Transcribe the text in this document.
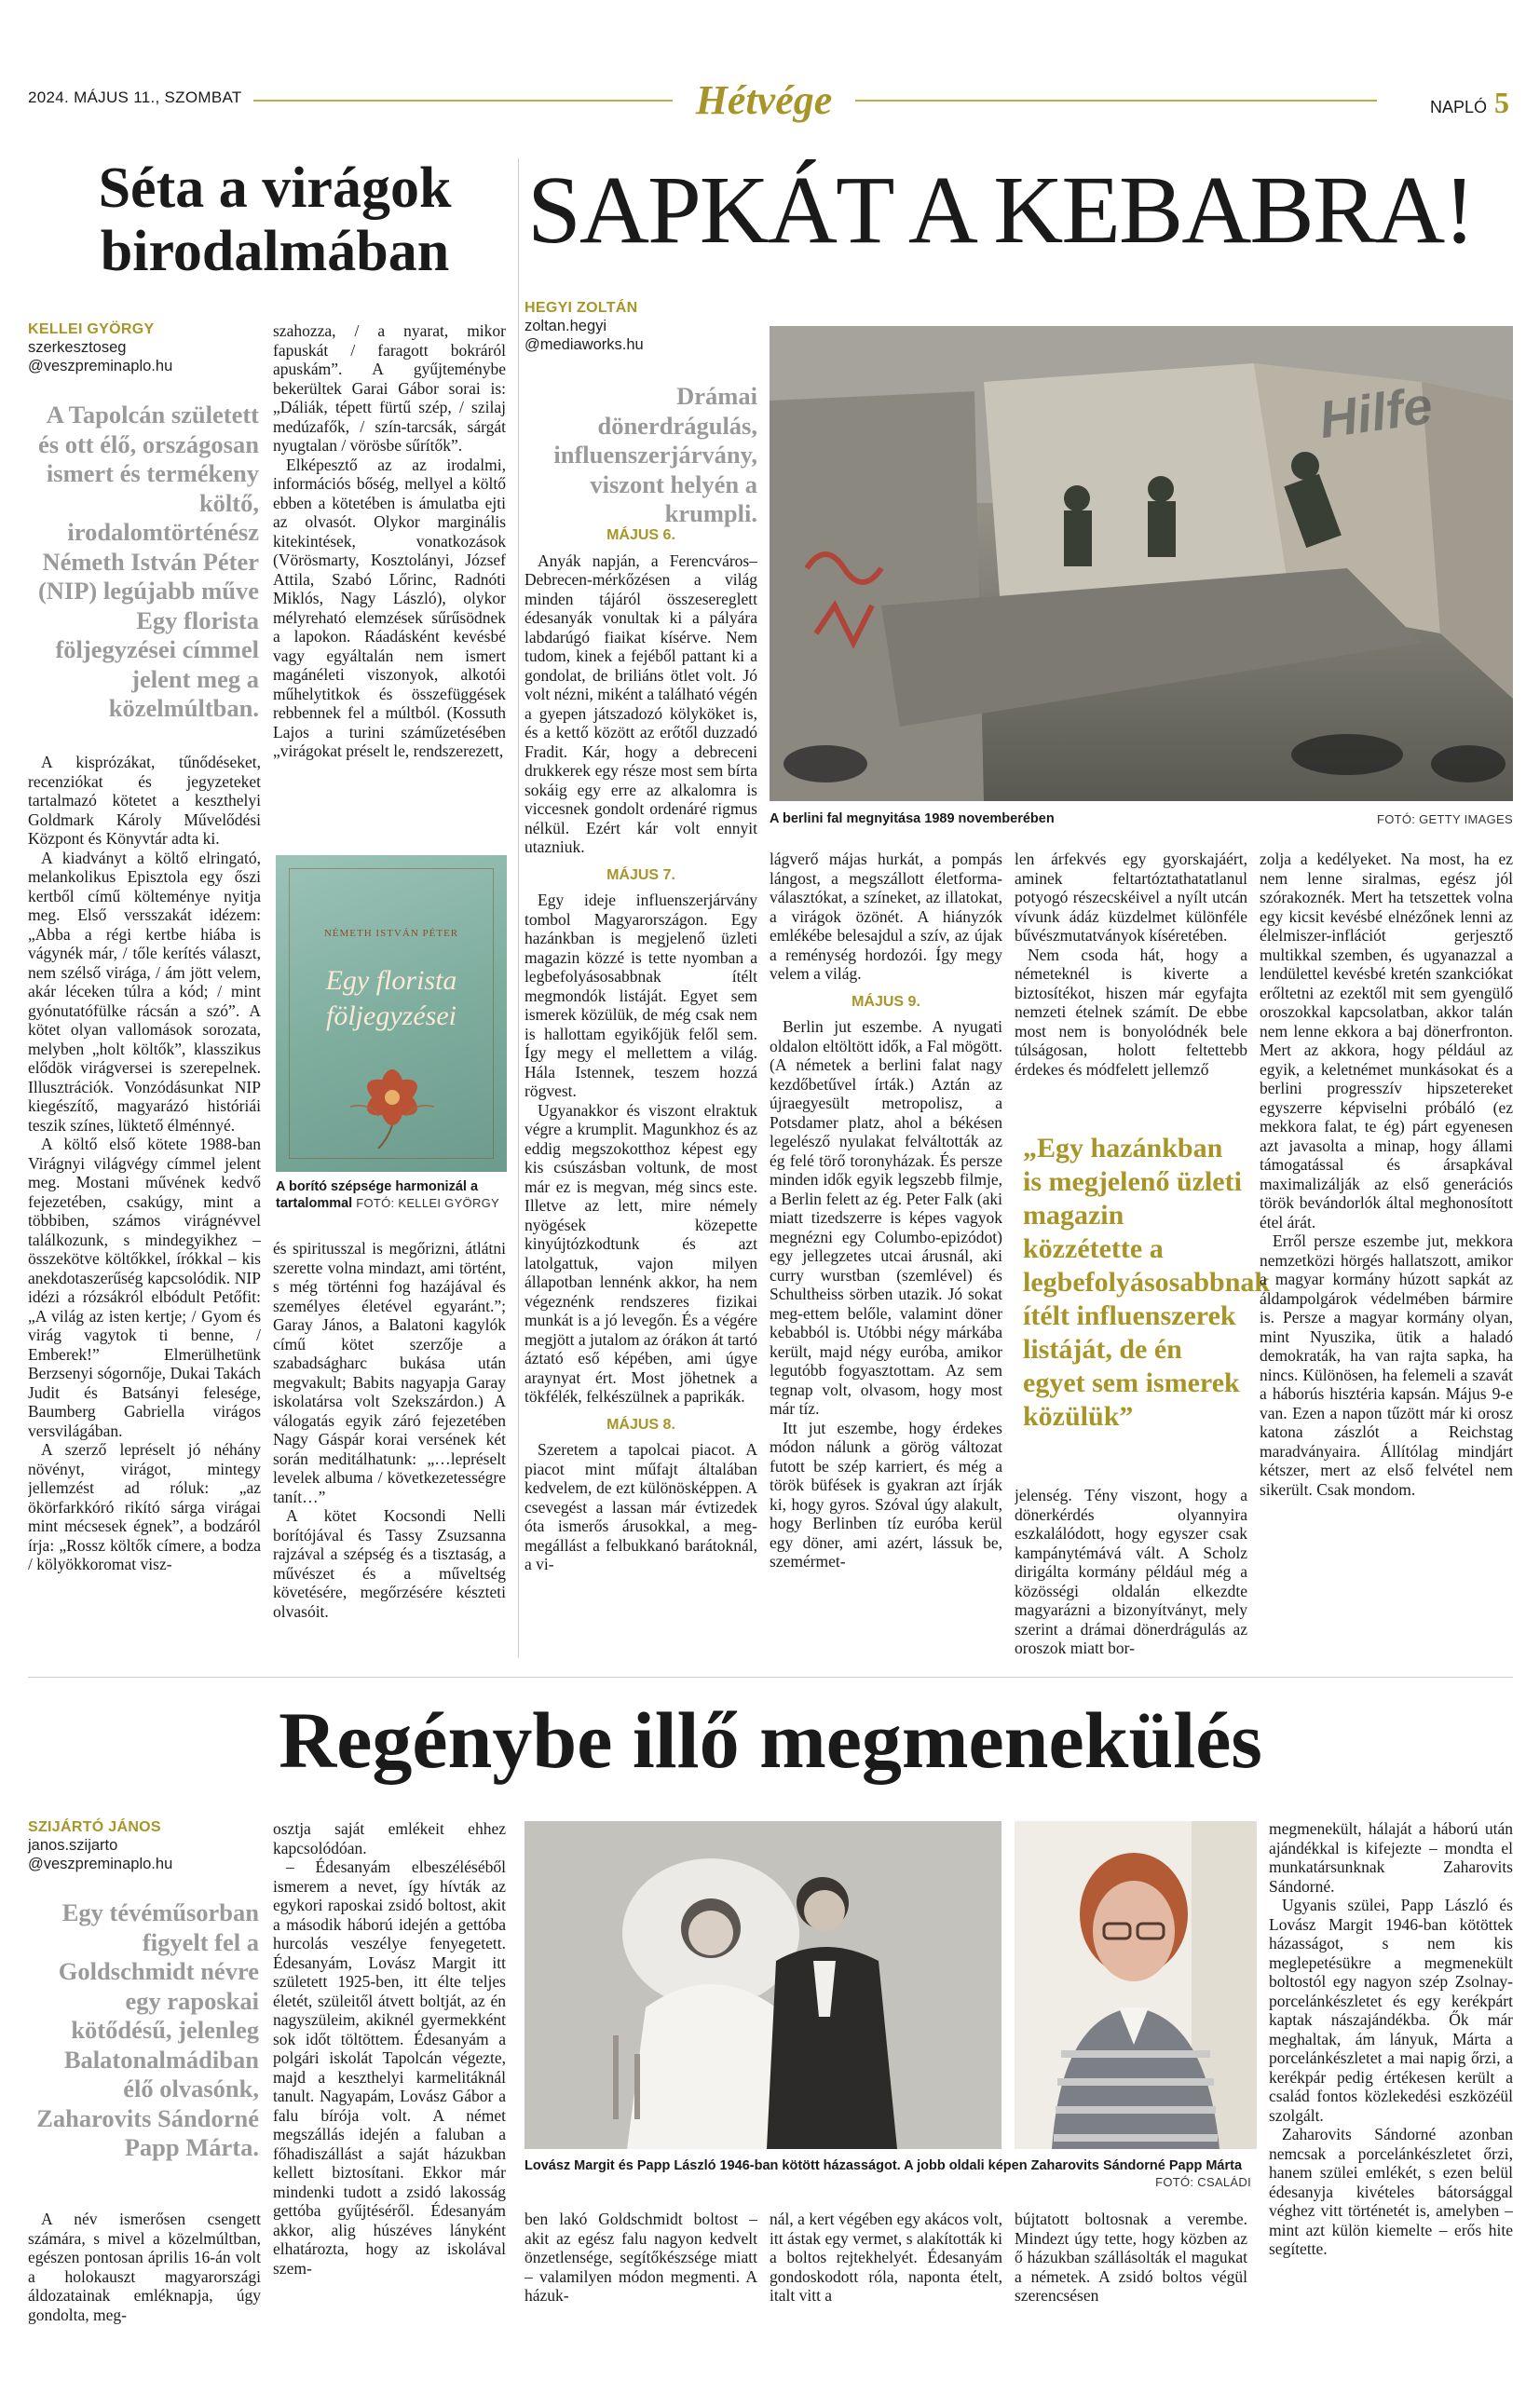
2024. MÁJUS 11., SZOMBAT	Hétvége	NAPLÓ 5
Séta a virágok
birodalmában
KELLEI GYÖRGY
szerkesztoseg
@veszpreminaplo.hu
A Tapolcán született és ott élő, országosan ismert és termékeny költő, irodalomtörténész Németh István Péter (NIP) legújabb műve Egy florista följegyzései címmel jelent meg a közelmúltban.

A kisprózákat, tűnődéseket, recenziókat és jegyzeteket tartalmazó kötetet a keszthelyi Goldmark Károly Művelődési Központ és Könyvtár adta ki.

A kiadványt a költő elringató, melankolikus Episztola egy őszi kertből című költeménye nyitja meg. Első versszakát idézem: „Abba a régi kertbe hiába is vágynék már, / tőle kerítés választ, nem szélső virága, / ám jött velem, akár léceken túlra a kód; / mint gyónutatófülke rácsán a szó”. A kötet olyan vallomások sorozata, melyben „holt költők”, klasszikus elődök virágversei is szerepelnek. Illusztrációk. Vonzódásunkat NIP kiegészítő, magyarázó históriái teszik színes, lüktető élménnyé.

A költő első kötete 1988-ban Virágnyi világvégy címmel jelent meg. Mostani művének kedvő fejezetében, csakúgy, mint a többiben, számos virágnévvel találkozunk, s mindegyikhez – összekötve költőkkel, írókkal – kis anekdotaszerűség kapcsolódik. NIP idézi a rózsákról elbódult Petőfit: „A világ az isten kertje; / Gyom és virág vagytok ti benne, / Emberek!” Elmerülhetünk Berzsenyi sógornője, Dukai Takách Judit és Batsányi felesége, Baumberg Gabriella virágos versvilágában.

A szerző lepréselt jó néhány növényt, virágot, mintegy jellemzést ad róluk: „az ökörfarkkóró rikító sárga virágai mint mécsesek égnek”, a bodzáról írja: „Rossz költők címere, a bodza / kölyökkoromat visz-

szahozza, / a nyarat, mikor fapuskát / faragott bokráról apuskám”. A gyűjteménybe bekerültek Garai Gábor sorai is: „Dáliák, tépett fürtű szép, / szilaj medúzafők, / szín-tarcsák, sárgát nyugtalan / vörösbe sűrítők”.

Elképesztő az az irodalmi, információs bőség, mellyel a költő ebben a kötetében is ámulatba ejti az olvasót. Olykor marginális kitekintések, vonatkozások (Vörösmarty, Kosztolányi, József Attila, Szabó Lőrinc, Radnóti Miklós, Nagy László), olykor mélyreható elemzések sűrűsödnek a lapokon. Ráadásként kevésbé vagy egyáltalán nem ismert magánéleti viszonyok, alkotói műhelytitkok és összefüggések rebbennek fel a múltból. (Kossuth Lajos a turini száműzetésében „virágokat préselt le, rendszerezett,

NÉMETH ISTVÁN PÉTER
Egy florista
följegyzései
A borító szépsége harmonizál a tartalommal FOTÓ: KELLEI GYÖRGY

és spiritusszal is megőrizni, átlátni szerette volna mindazt, ami történt, s még történni fog hazájával és személyes életével egyaránt.”; Garay János, a Balatoni kagylók című kötet szerzője a szabadságharc bukása után megvakult; Babits nagyapja Garay iskolatársa volt Szekszárdon.) A válogatás egyik záró fejezetében Nagy Gáspár korai versének két során meditálhatunk: „…lepréselt levelek albuma / következetességre tanít…”

A kötet Kocsondi Nelli borítójával és Tassy Zsuzsanna rajzával a szépség és a tisztaság, a művészet és a műveltség követésére, megőrzésére készteti olvasóit.

SAPKÁT A KEBABRA!
HEGYI ZOLTÁN
zoltan.hegyi
@mediaworks.hu
Drámai dönerdrágulás, influenszerjárvány, viszont helyén a krumpli.
Hilfe
A berlini fal megnyitása 1989 novemberében	FOTÓ: GETTY IMAGES
MÁJUS 6.

Anyák napján, a Ferencváros–Debrecen-mérkőzésen a világ minden tájáról összesereglett édesanyák vonultak ki a pályára labdarúgó fiaikat kísérve. Nem tudom, kinek a fejéből pattant ki a gondolat, de briliáns ötlet volt. Jó volt nézni, miként a található végén a gyepen játszadozó kölyköket is, és a kettő között az erőtől duzzadó Fradit. Kár, hogy a debreceni drukkerek egy része most sem bírta sokáig egy erre az alkalomra is viccesnek gondolt ordenáré rigmus nélkül. Ezért kár volt ennyit utazniuk.

MÁJUS 7.

Egy ideje influenszerjárvány tombol Magyarországon. Egy hazánkban is megjelenő üzleti magazin közzé is tette nyomban a legbefolyásosabbnak ítélt megmondók listáját. Egyet sem ismerek közülük, de még csak nem is hallottam egyikőjük felől sem. Így megy el mellettem a világ. Hála Istennek, teszem hozzá rögvest.

Ugyanakkor és viszont elraktuk végre a krumplit. Magunkhoz és az eddig megszokotthoz képest egy kis csúszásban voltunk, de most már ez is megvan, még sincs este. Illetve az lett, mire némely nyögések közepette kinyújtózkodtunk és azt latolgattuk, vajon milyen állapotban lennénk akkor, ha nem végeznénk rendszeres fizikai munkát is a jó levegőn. És a végére megjött a jutalom az órákon át tartó áztató eső képében, ami úgye araynyat ért. Most jöhetnek a tökfélék, felkészülnek a paprikák.

MÁJUS 8.

Szeretem a tapolcai piacot. A piacot mint műfajt általában kedvelem, de ezt különösképpen. A csevegést a lassan már évtizedek óta ismerős árusokkal, a meg-megállást a felbukkanó barátoknál, a vi-

lágverő májas hurkát, a pompás lángost, a megszállott életforma-választókat, a színeket, az illatokat, a virágok özönét. A hiányzók emlékébe belesajdul a szív, az újak a reménység hordozói. Így megy velem a világ.

MÁJUS 9.

Berlin jut eszembe. A nyugati oldalon eltöltött idők, a Fal mögött. (A németek a berlini falat nagy kezdőbetűvel írták.) Aztán az újraegyesült metropolisz, a Potsdamer platz, ahol a békésen legelésző nyulakat felváltották az ég felé törő toronyházak. És persze minden idők egyik legszebb filmje, a Berlin felett az ég. Peter Falk (aki miatt tizedszerre is képes vagyok megnézni egy Columbo-epizódot) egy jellegzetes utcai árusnál, aki curry wurstban (szemlével) és Schultheiss sörben utazik. Jó sokat meg-ettem belőle, valamint döner kebabból is. Utóbbi négy márkába került, majd négy euróba, amikor legutóbb fogyasztottam. Az sem tegnap volt, olvasom, hogy most már tíz.

Itt jut eszembe, hogy érdekes módon nálunk a görög változat futott be szép karriert, és még a török büfések is gyakran azt írják ki, hogy gyros. Szóval úgy alakult, hogy Berlinben tíz euróba kerül egy döner, ami azért, lássuk be, szemérmet-

len árfekvés egy gyorskajáért, aminek feltartóztathatatlanul potyogó részecskéivel a nyílt utcán vívunk ádáz küzdelmet különféle bűvészmutatványok kíséretében.

Nem csoda hát, hogy a németeknél is kiverte a biztosítékot, hiszen már egyfajta nemzeti ételnek számít. De ebbe most nem is bonyolódnék bele túlságosan, holott feltettebb érdekes és módfelett jellemző

„Egy hazánkban is megjelenő üzleti magazin közzétette a legbefolyásosabbnak ítélt influenszerek listáját, de én egyet sem ismerek közülük”

jelenség. Tény viszont, hogy a dönerkérdés olyannyira eszkalálódott, hogy egyszer csak kampánytémává vált. A Scholz dirigálta kormány például még a közösségi oldalán elkezdte magyarázni a bizonyítványt, mely szerint a drámai dönerdrágulás az oroszok miatt bor-

zolja a kedélyeket. Na most, ha ez nem lenne siralmas, egész jól szórakoznék. Mert ha tetszettek volna egy kicsit kevésbé elnézőnek lenni az élelmiszer-inflációt gerjesztő multikkal szemben, és ugyanazzal a lendülettel kevésbé kretén szankciókat erőltetni az ezektől mit sem gyengülő oroszokkal kapcsolatban, akkor talán nem lenne ekkora a baj dönerfronton. Mert az akkora, hogy például az egyik, a keletnémet munkásokat és a berlini progresszív hipszetereket egyszerre képviselni próbáló (ez mekkora falat, te ég) párt egyenesen azt javasolta a minap, hogy állami támogatással és ársapkával maximalizálják az első generációs török bevándorlók által meghonosított étel árát.

Erről persze eszembe jut, mekkora nemzetközi hörgés hallatszott, amikor a magyar kormány húzott sapkát az áldampolgárok védelmében bármire is. Persze a magyar kormány olyan, mint Nyuszika, ütik a haladó demokraták, ha van rajta sapka, ha nincs. Különösen, ha felemeli a szavát a háborús hisztéria kapsán. Május 9-e van. Ezen a napon tűzött már ki orosz katona zászlót a Reichstag maradványaira. Állítólag mindjárt kétszer, mert az első felvétel nem sikerült. Csak mondom.

Regénybe illő megmenekülés
SZIJÁRTÓ JÁNOS
janos.szijarto
@veszpreminaplo.hu
Egy tévéműsorban figyelt fel a Goldschmidt névre egy raposkai kötődésű, jelenleg Balatonalmádiban élő olvasónk, Zaharovits Sándorné Papp Márta.

A név ismerősen csengett számára, s mivel a közelmúltban, egészen pontosan április 16-án volt a holokauszt magyarországi áldozatainak emléknapja, úgy gondolta, meg-

osztja saját emlékeit ehhez kapcsolódóan.

– Édesanyám elbeszéléséből ismerem a nevet, így hívták az egykori raposkai zsidó boltost, akit a második háború idején a gettóba hurcolás veszélye fenyegetett. Édesanyám, Lovász Margit itt született 1925-ben, itt élte teljes életét, szüleitől átvett boltját, az én nagyszüleim, akiknél gyermekként sok időt töltöttem. Édesanyám a polgári iskolát Tapolcán végezte, majd a keszthelyi karmelitáknál tanult. Nagyapám, Lovász Gábor a falu bírója volt. A német megszállás idején a faluban a főhadiszállást a saját házukban kellett biztosítani. Ekkor már mindenki tudott a zsidó lakosság gettóba gyűjtéséről. Édesanyám akkor, alig húszéves lányként elhatározta, hogy az iskolával szem-

Lovász Margit és Papp László 1946-ban kötött házasságot. A jobb oldali képen Zaharovits Sándorné Papp Márta
FOTÓ: CSALÁDI

ben lakó Goldschmidt boltost – akit az egész falu nagyon kedvelt önzetlensége, segítőkészsége miatt – valamilyen módon megmenti. A házuk-

nál, a kert végében egy akácos volt, itt ástak egy vermet, s alakították ki a boltos rejtekhelyét. Édesanyám gondoskodott róla, naponta ételt, italt vitt a

bújtatott boltosnak a verembe. Mindezt úgy tette, hogy közben az ő házukban szállásolták el magukat a németek. A zsidó boltos végül szerencsésen

megmenekült, hálaját a háború után ajándékkal is kifejezte – mondta el munkatársunknak Zaharovits Sándorné.

Ugyanis szülei, Papp László és Lovász Margit 1946-ban kötöttek házasságot, s nem kis meglepetésükre a megmenekült boltostól egy nagyon szép Zsolnay-porcelánkészletet és egy kerékpárt kaptak nászajándékba. Ők már meghaltak, ám lányuk, Márta a porcelánkészletet a mai napig őrzi, a kerékpár pedig értékesen került a család fontos közlekedési eszközéül szolgált.

Zaharovits Sándorné azonban nemcsak a porcelánkészletet őrzi, hanem szülei emlékét, s ezen belül édesanyja kivételes bátorsággal véghez vitt történetét is, amelyben – mint azt külön kiemelte – erős hite segítette.
